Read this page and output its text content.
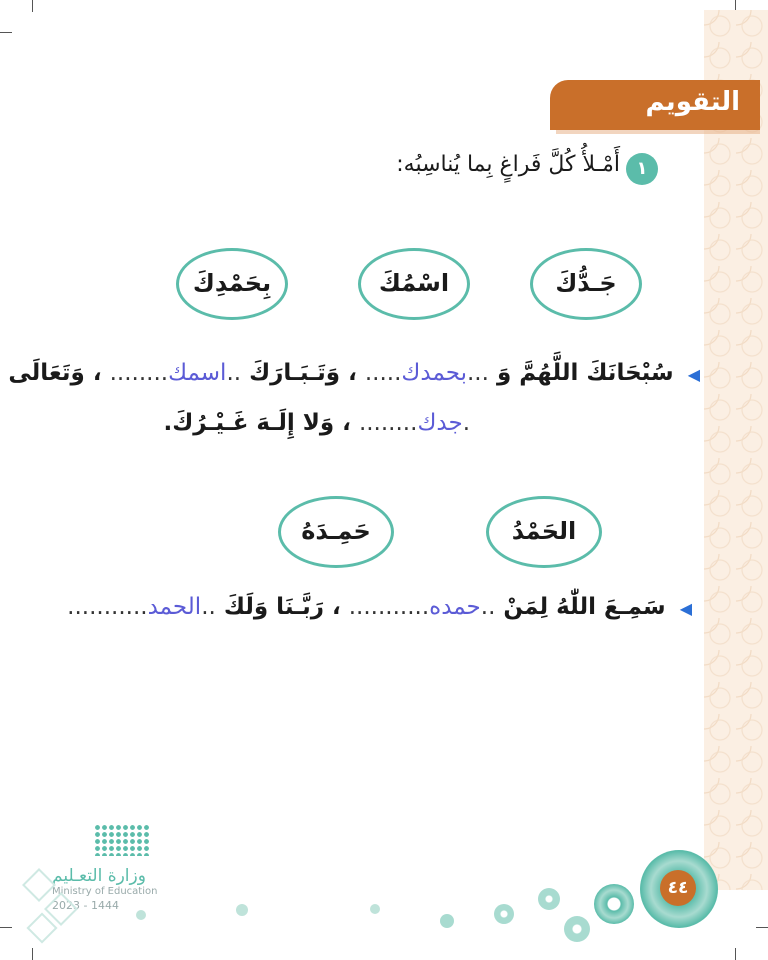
التقويم
١
أَمْـلأُ كُلَّ فَراغٍ بِما يُناسِبُه:
جَـدُّكَ
اسْمُكَ
بِحَمْدِكَ
◀ سُبْحَانَكَ اللَّهُمَّ وَ ...بحمدك..... ، وَتَـبَـارَكَ ..اسمك........ ، وَتَعَالَى
.جدك........ ، وَلا إِلَـهَ غَـيْـرُكَ.
الحَمْدُ
حَمِـدَهُ
◀ سَمِـعَ اللّٰهُ لِمَنْ ..حمده........... ، رَبَّـنَا وَلَكَ ..الحمد...........
وزارة التعـليم
Ministry of Education
2023 - 1444
٤٤
